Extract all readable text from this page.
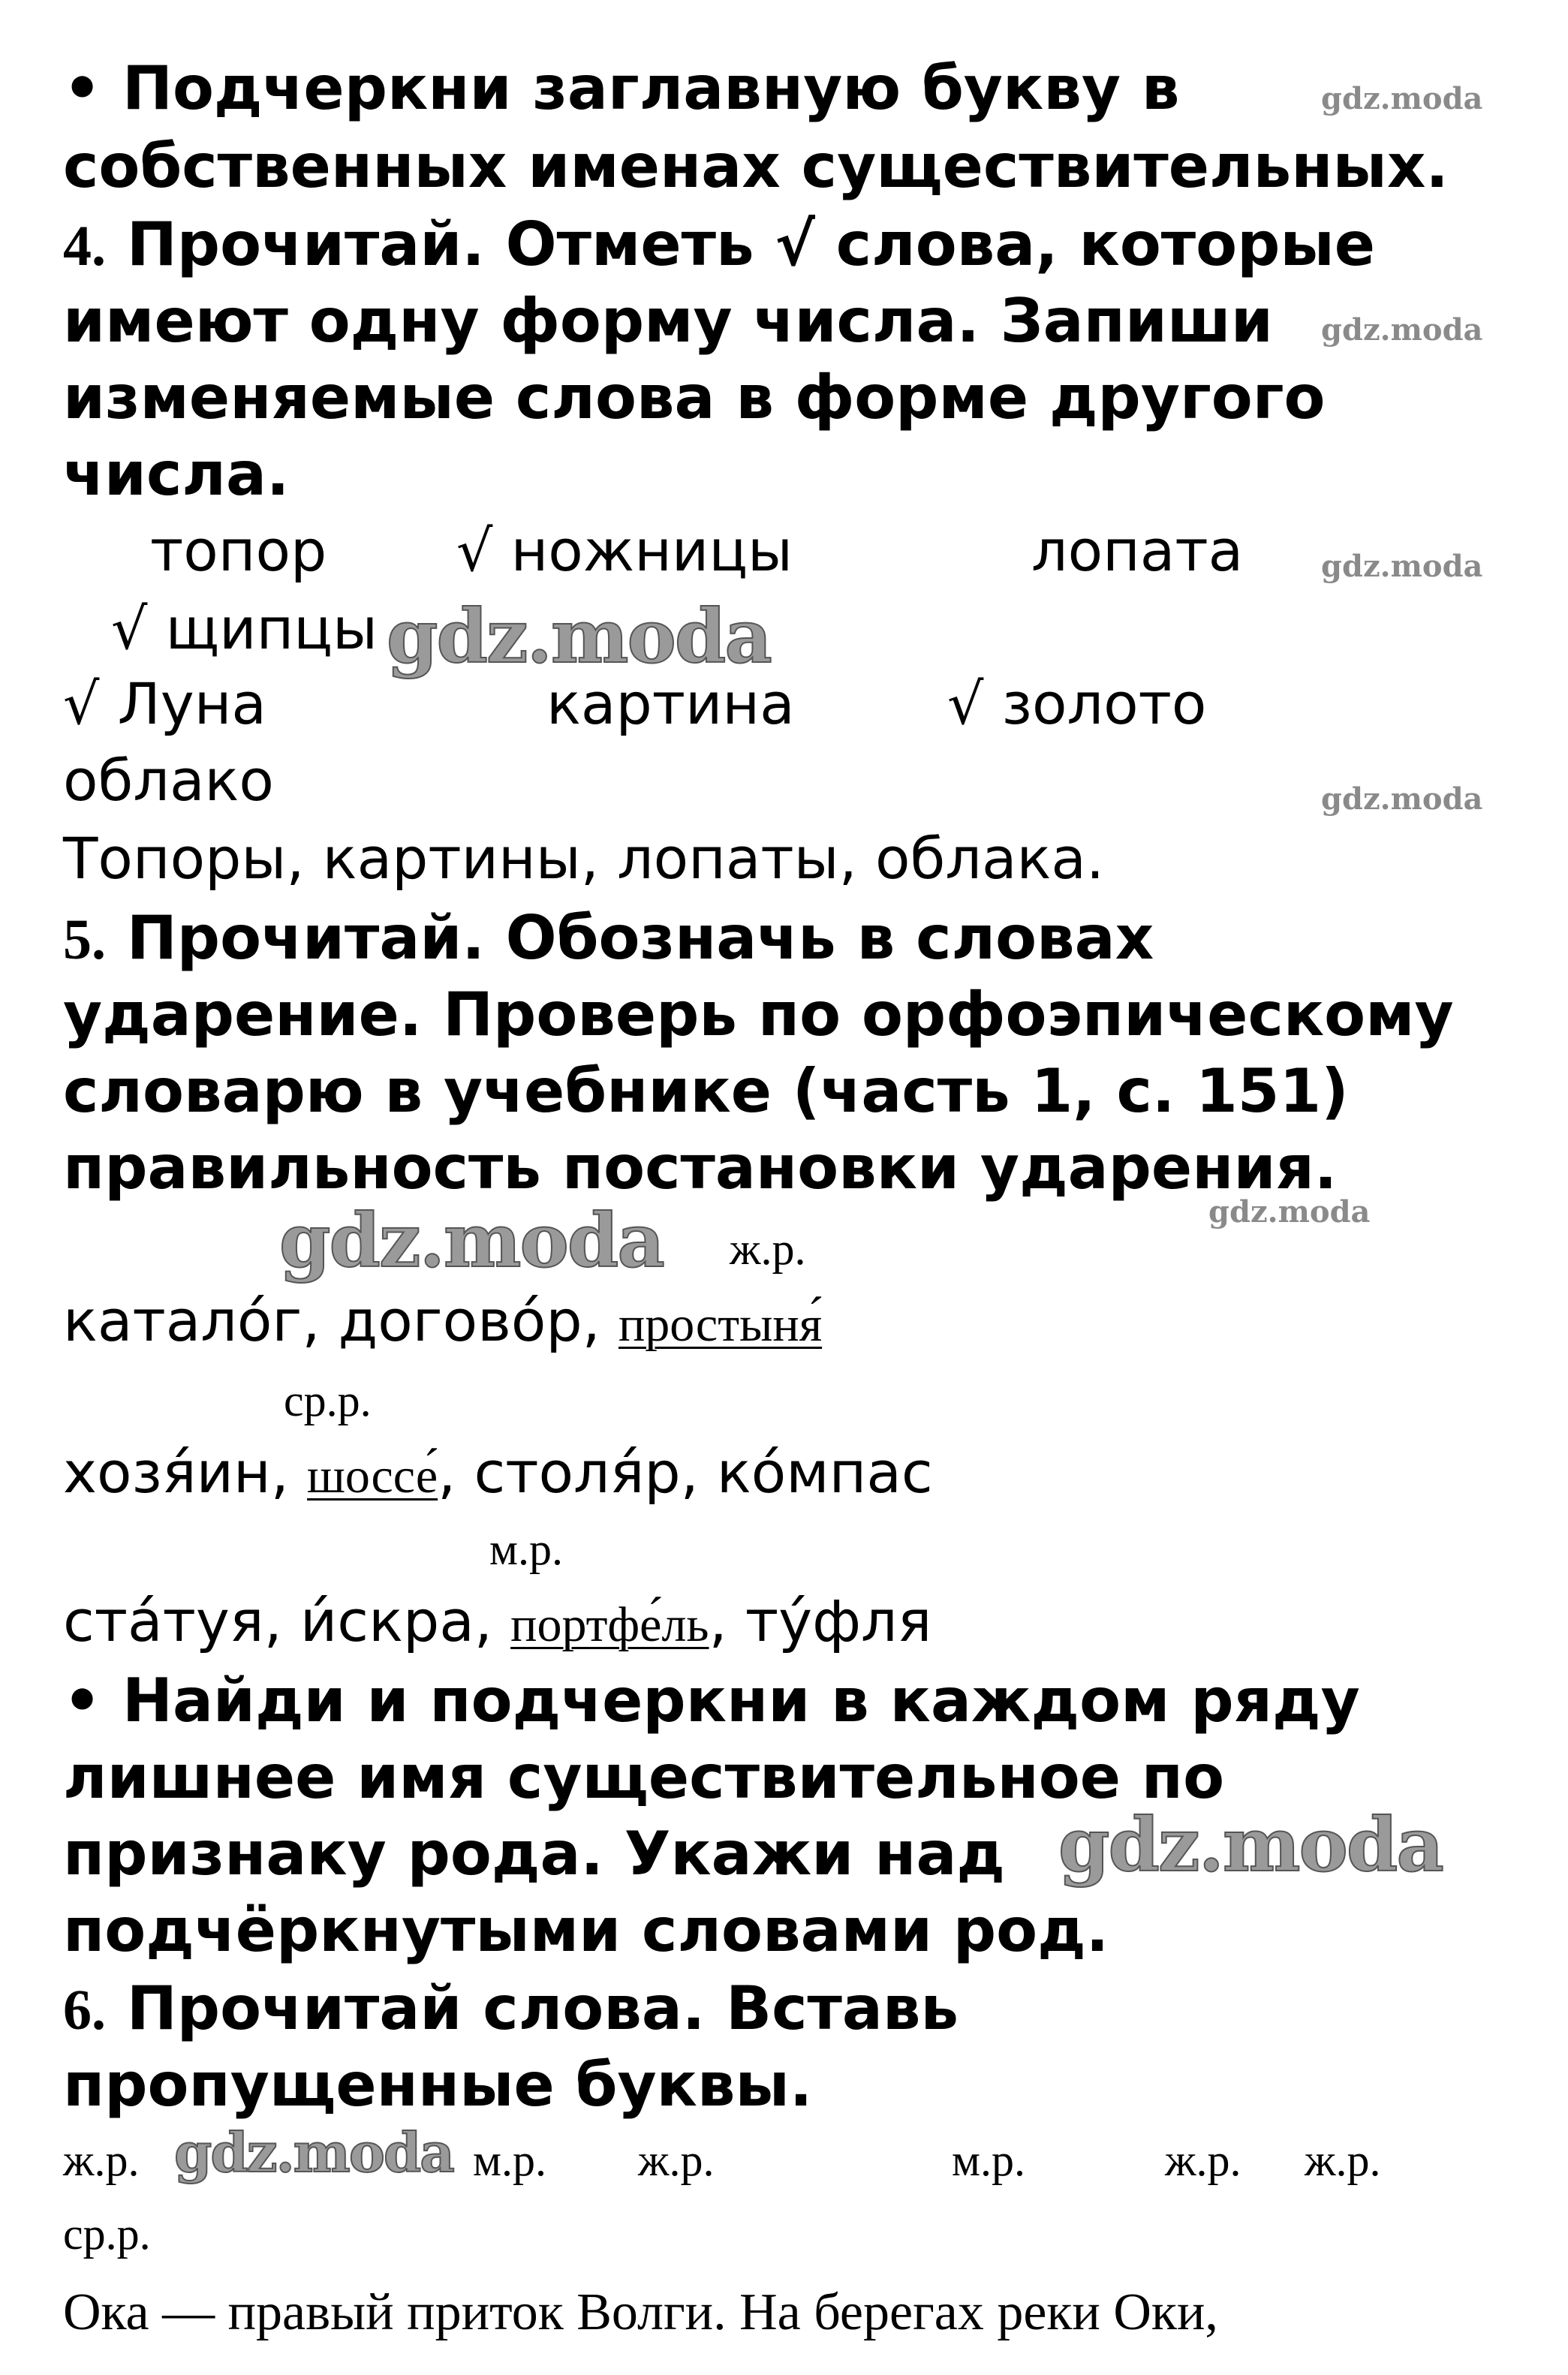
gdz.moda
gdz.moda
gdz.moda
gdz.moda
gdz.moda
gdz.moda
gdz.moda
gdz.moda
gdz.moda
• Подчеркни заглавную букву в
собственных именах существительных.
4. Прочитай. Отметь √ слова, которые
имеют одну форму числа. Запиши
изменяемые слова в форме другого
числа.
топор √ ножницы	лопата
√ щипцы
√ Луна	картина	√ золото
облако
Топоры, картины, лопаты, облака.
5. Прочитай. Обозначь в словах
ударение. Проверь по орфоэпическому
словарю в учебнике (часть 1, с. 151)
правильность постановки ударения.
ж.р.
катало́г, догово́р, простыня́
ср.р.
хозя́ин, шоссе́, столя́р, ко́мпас
м.р.
ста́туя, и́скра, портфе́ль, ту́фля
• Найди и подчеркни в каждом ряду
лишнее имя существительное по
признаку рода. Укажи над
подчёркнутыми словами род.
6. Прочитай слова. Вставь
пропущенные буквы.
ж.р.	м.р. ж.р.	м.р.	ж.р. ж.р.
ср.р.
Ока — правый приток Волги. На берегах реки Оки,
